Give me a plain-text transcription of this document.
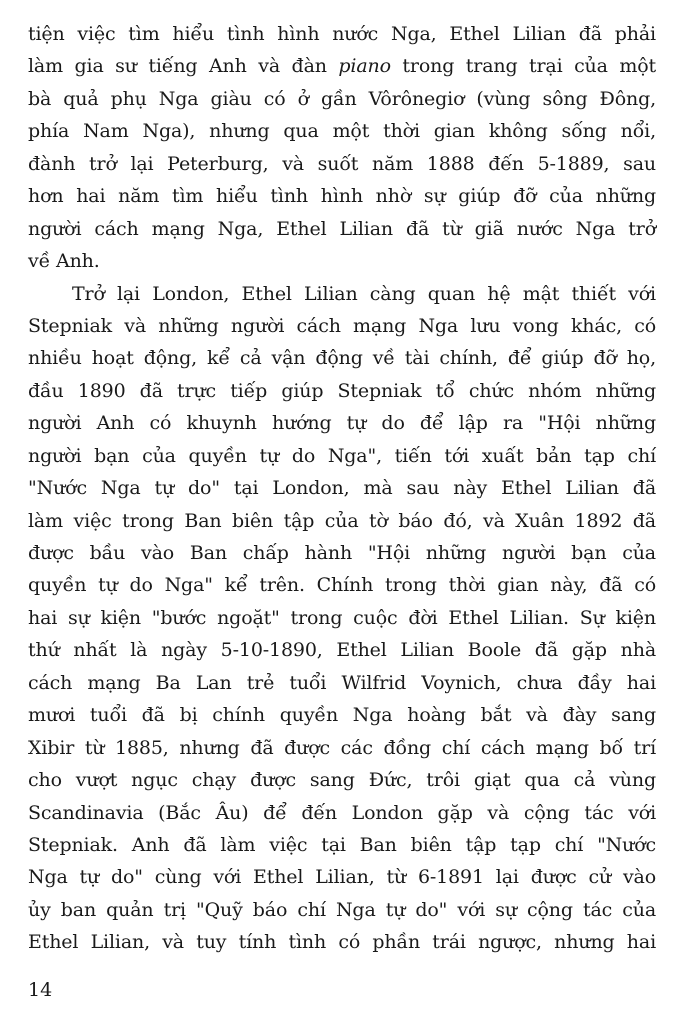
tiện việc tìm hiểu tình hình nước Nga, Ethel Lilian đã phải
làm gia sư tiếng Anh và đàn piano trong trang trại của một
bà quả phụ Nga giàu có ở gần Vôrônegiơ (vùng sông Đông,
phía Nam Nga), nhưng qua một thời gian không sống nổi,
đành trở lại Peterburg, và suốt năm 1888 đến 5-1889, sau
hơn hai năm tìm hiểu tình hình nhờ sự giúp đỡ của những
người cách mạng Nga, Ethel Lilian đã từ giã nước Nga trở
về Anh.
Trở lại London, Ethel Lilian càng quan hệ mật thiết với
Stepniak và những người cách mạng Nga lưu vong khác, có
nhiều hoạt động, kể cả vận động về tài chính, để giúp đỡ họ,
đầu 1890 đã trực tiếp giúp Stepniak tổ chức nhóm những
người Anh có khuynh hướng tự do để lập ra "Hội những
người bạn của quyền tự do Nga", tiến tới xuất bản tạp chí
"Nước Nga tự do" tại London, mà sau này Ethel Lilian đã
làm việc trong Ban biên tập của tờ báo đó, và Xuân 1892 đã
được bầu vào Ban chấp hành "Hội những người bạn của
quyền tự do Nga" kể trên. Chính trong thời gian này, đã có
hai sự kiện "bước ngoặt" trong cuộc đời Ethel Lilian. Sự kiện
thứ nhất là ngày 5-10-1890, Ethel Lilian Boole đã gặp nhà
cách mạng Ba Lan trẻ tuổi Wilfrid Voynich, chưa đầy hai
mươi tuổi đã bị chính quyền Nga hoàng bắt và đày sang
Xibir từ 1885, nhưng đã được các đồng chí cách mạng bố trí
cho vượt ngục chạy được sang Đức, trôi giạt qua cả vùng
Scandinavia (Bắc Âu) để đến London gặp và cộng tác với
Stepniak. Anh đã làm việc tại Ban biên tập tạp chí "Nước
Nga tự do" cùng với Ethel Lilian, từ 6-1891 lại được cử vào
ủy ban quản trị "Quỹ báo chí Nga tự do" với sự cộng tác của
Ethel Lilian, và tuy tính tình có phần trái ngược, nhưng hai
14
